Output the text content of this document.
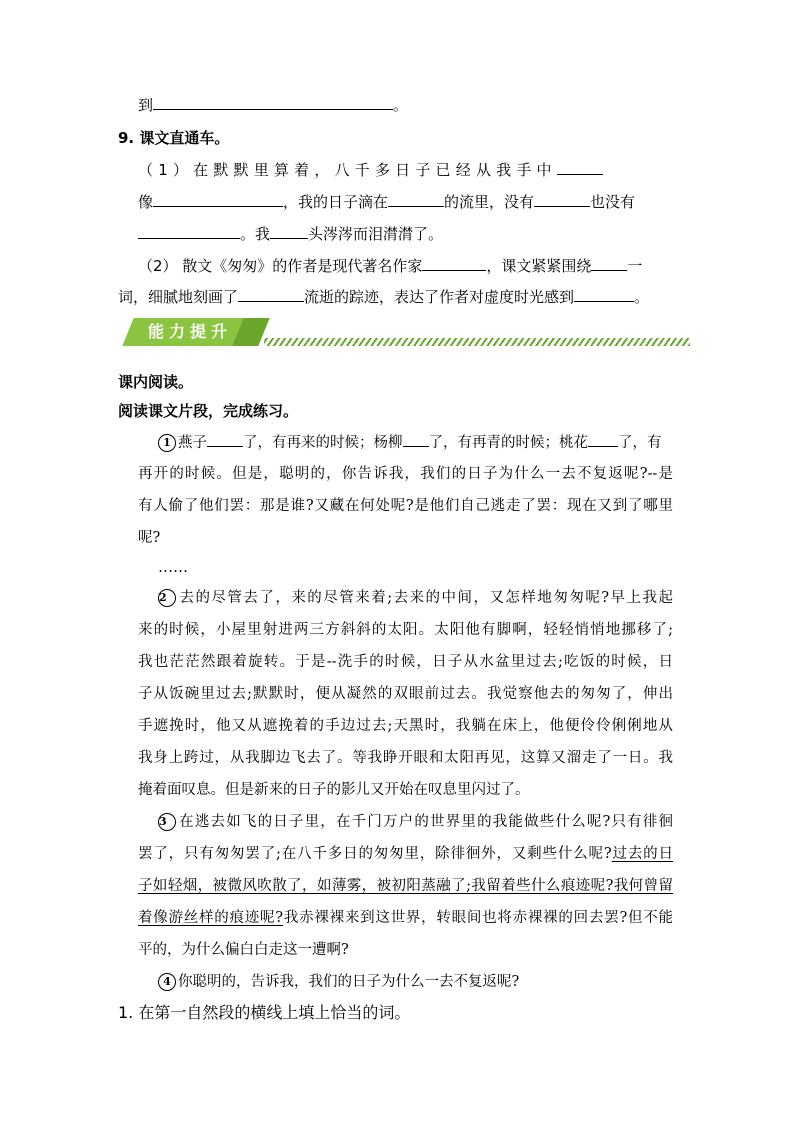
到	。
9. 课文直通车。
（1）在默默里算着，八千多日子已经从我手中
像	，我的日子滴在	的流里，没有	也没有
。我	头涔涔而泪潸潸了。
（2） 散文《匆匆》的作者是现代著名作家	，课文紧紧围绕 一
词，细腻地刻画了	流逝的踪迹，表达了作者对虚度时光感到	。
能力提升
课内阅读。
阅读课文片段，完成练习。
1 燕子 了，有再来的时候；杨柳 了，有再青的时候；桃花 了，有
再开的时候。但是，聪明的，你告诉我，我们的日子为什么一去不复返呢?--是
有人偷了他们罢：那是谁?又藏在何处呢?是他们自己逃走了罢：现在又到了哪里
呢?
……
2 去的尽管去了，来的尽管来着;去来的中间，又怎样地匆匆呢?早上我起
来的时候，小屋里射进两三方斜斜的太阳。太阳他有脚啊，轻轻悄悄地挪移了;
我也茫茫然跟着旋转。于是--洗手的时候，日子从水盆里过去;吃饭的时候，日
子从饭碗里过去;默默时，便从凝然的双眼前过去。我觉察他去的匆匆了，伸出
手遮挽时，他又从遮挽着的手边过去;天黑时，我躺在床上，他便伶伶俐俐地从
我身上跨过，从我脚边飞去了。等我睁开眼和太阳再见，这算又溜走了一日。我
掩着面叹息。但是新来的日子的影儿又开始在叹息里闪过了。
3 在逃去如飞的日子里，在千门万户的世界里的我能做些什么呢?只有徘徊
罢了，只有匆匆罢了;在八千多日的匆匆里，除徘徊外，又剩些什么呢?过去的日
子如轻烟，被微风吹散了，如薄雾，被初阳蒸融了;我留着些什么痕迹呢?我何曾留
着像游丝样的痕迹呢?我赤裸裸来到这世界，转眼间也将赤裸裸的回去罢?但不能
平的，为什么偏白白走这一遭啊?
4 你聪明的，告诉我，我们的日子为什么一去不复返呢?
1. 在第一自然段的横线上填上恰当的词。
